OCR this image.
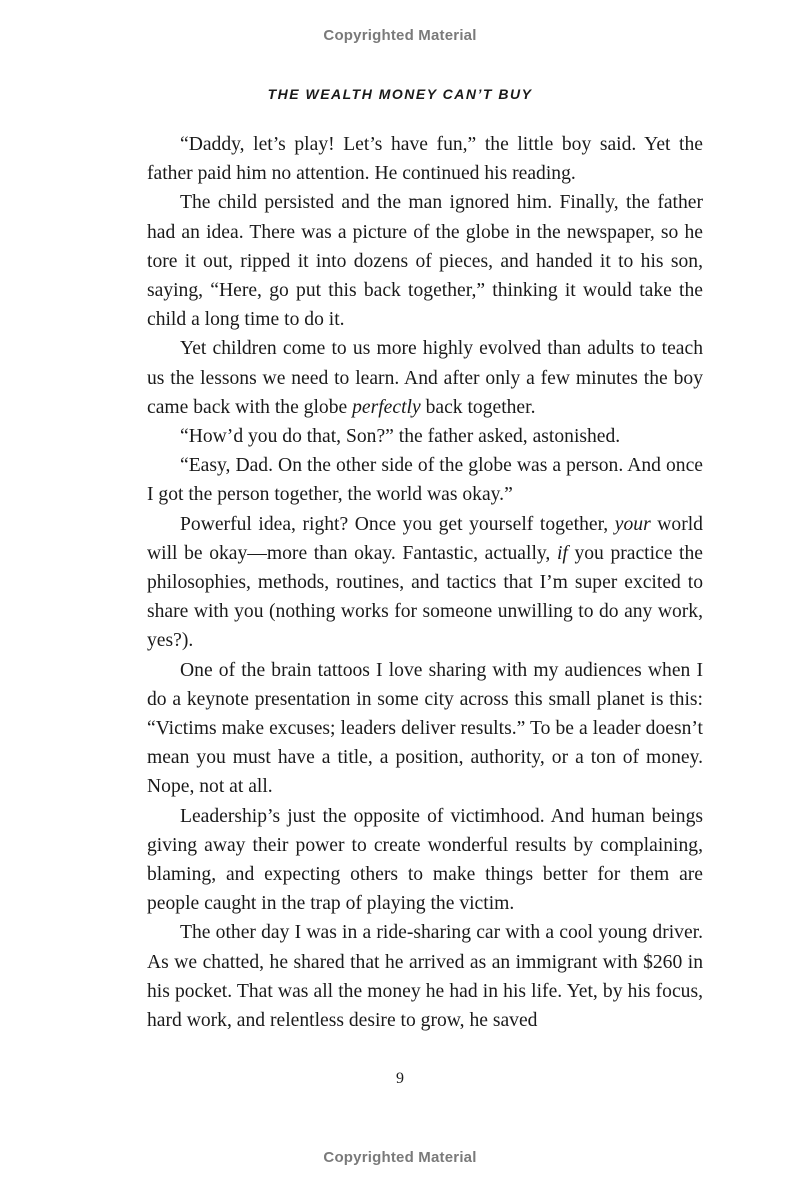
Copyrighted Material
THE WEALTH MONEY CAN’T BUY

“Daddy, let’s play! Let’s have fun,” the little boy said. Yet the father paid him no attention. He continued his reading.

The child persisted and the man ignored him. Finally, the father had an idea. There was a picture of the globe in the newspaper, so he tore it out, ripped it into dozens of pieces, and handed it to his son, saying, “Here, go put this back together,” thinking it would take the child a long time to do it.

Yet children come to us more highly evolved than adults to teach us the lessons we need to learn. And after only a few minutes the boy came back with the globe perfectly back together.

“How’d you do that, Son?” the father asked, astonished.

“Easy, Dad. On the other side of the globe was a person. And once I got the person together, the world was okay.”

Powerful idea, right? Once you get yourself together, your world will be okay—more than okay. Fantastic, actually, if you practice the philosophies, methods, routines, and tactics that I’m super excited to share with you (nothing works for someone unwilling to do any work, yes?).

One of the brain tattoos I love sharing with my audiences when I do a keynote presentation in some city across this small planet is this: “Victims make excuses; leaders deliver results.” To be a leader doesn’t mean you must have a title, a position, authority, or a ton of money. Nope, not at all.

Leadership’s just the opposite of victimhood. And human beings giving away their power to create wonderful results by complaining, blaming, and expecting others to make things better for them are people caught in the trap of playing the victim.

The other day I was in a ride-sharing car with a cool young driver. As we chatted, he shared that he arrived as an immigrant with $260 in his pocket. That was all the money he had in his life. Yet, by his focus, hard work, and relentless desire to grow, he saved

9
Copyrighted Material
